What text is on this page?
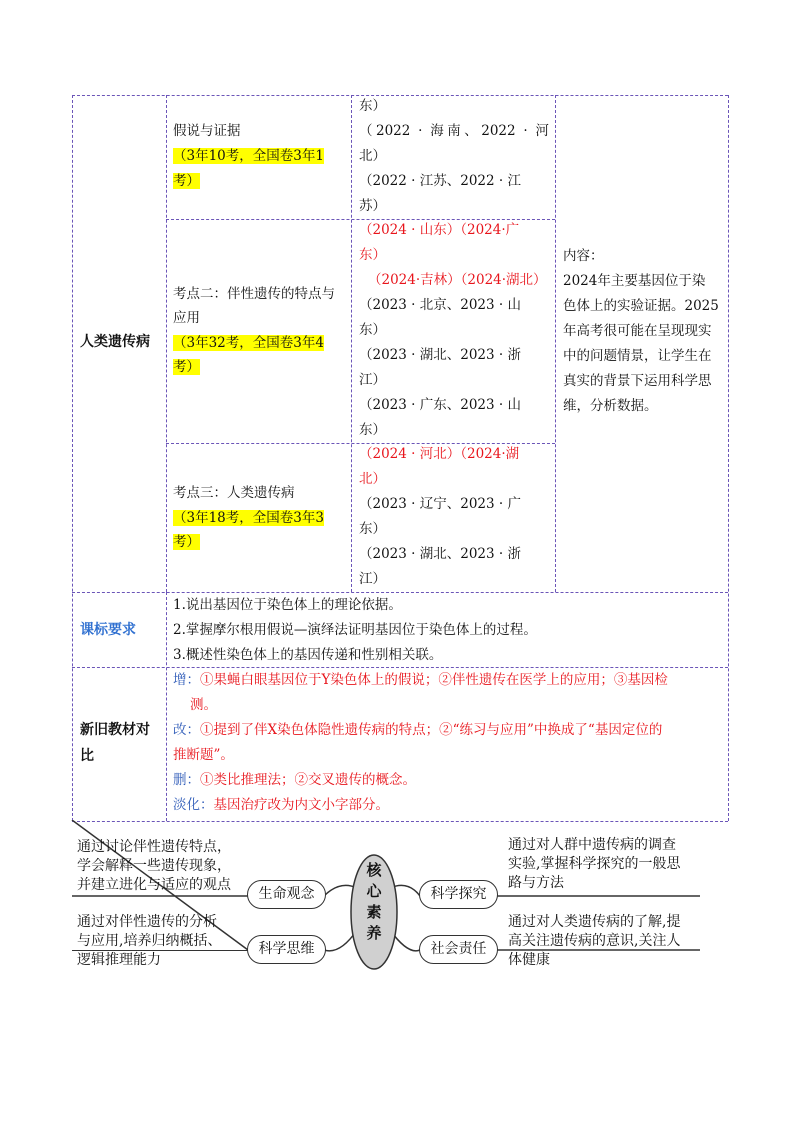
人类遗传病
假说与证据
（3年10考，全国卷3年1
考）
东）
（2022 · 海南、2022 · 河
北）
（2022 · 江苏、2022 · 江
苏）
考点二：伴性遗传的特点与
应用
（3年32考，全国卷3年4
考）
（2024 · 山东）（2024·广
东）
（2024·吉林）（2024·湖北）
（2023 · 北京、2023 · 山
东）
（2023 · 湖北、2023 · 浙
江）
（2023 · 广东、2023 · 山
东）
考点三：人类遗传病
（3年18考，全国卷3年3
考）
（2024 · 河北）（2024·湖
北）
（2023 · 辽宁、2023 · 广
东）
（2023 · 湖北、2023 · 浙
江）
内容：
2024年主要基因位于染
色体上的实验证据。2025
年高考很可能在呈现现实
中的问题情景，让学生在
真实的背景下运用科学思
维，分析数据。
课标要求
1.说出基因位于染色体上的理论依据。
2.掌握摩尔根用假说—演绎法证明基因位于染色体上的过程。
3.概述性染色体上的基因传递和性别相关联。
新旧教材对
比
增：①果蝇白眼基因位于Y染色体上的假说；②伴性遗传在医学上的应用；③基因检
测。
改：①提到了伴X染色体隐性遗传病的特点；②“练习与应用”中换成了“基因定位的
推断题”。
删：①类比推理法；②交叉遗传的概念。
淡化：基因治疗改为内文小字部分。
核
心
素
养
生命观念
科学思维
科学探究
社会责任
通过讨论伴性遗传特点，
学会解释一些遗传现象，
并建立进化与适应的观点
通过对伴性遗传的分析
与应用,培养归纳概括、
逻辑推理能力
通过对人群中遗传病的调查
实验,掌握科学探究的一般思
路与方法
通过对人类遗传病的了解,提
高关注遗传病的意识,关注人
体健康
